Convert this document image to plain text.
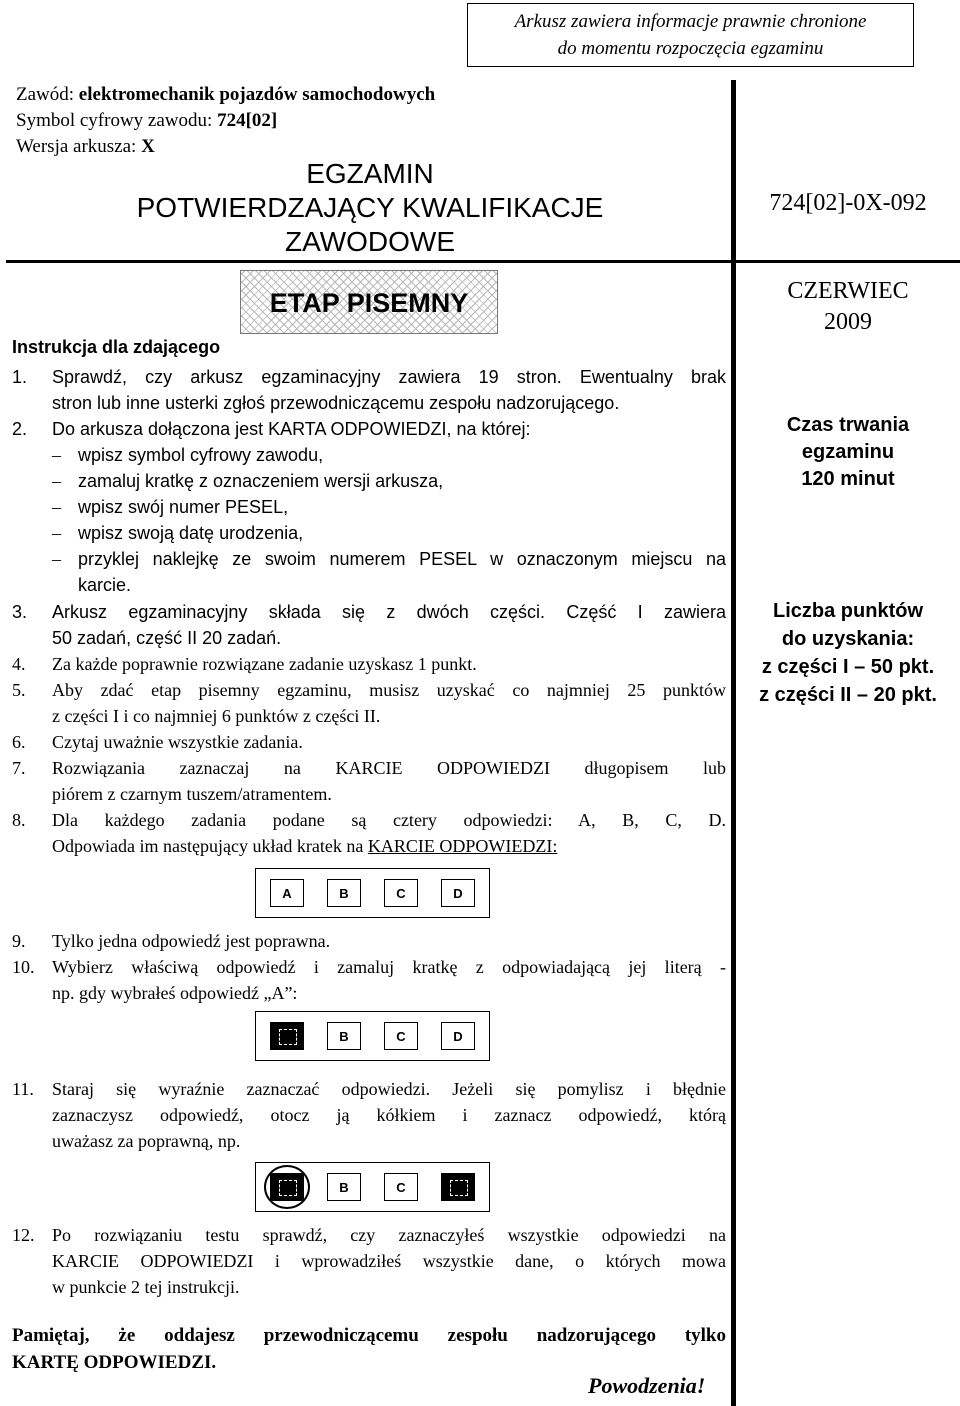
Arkusz zawiera informacje prawnie chronione
do momentu rozpoczęcia egzaminu
Zawód: elektromechanik pojazdów samochodowych
Symbol cyfrowy zawodu: 724[02]
Wersja arkusza: X
EGZAMIN
POTWIERDZAJĄCY KWALIFIKACJE
ZAWODOWE
ETAP PISEMNY
Instrukcja dla zdającego
1. Sprawdź, czy arkusz egzaminacyjny zawiera 19 stron. Ewentualny brak
stron lub inne usterki zgłoś przewodniczącemu zespołu nadzorującego.
2. Do arkusza dołączona jest KARTA ODPOWIEDZI, na której:
– wpisz symbol cyfrowy zawodu,
– zamaluj kratkę z oznaczeniem wersji arkusza,
– wpisz swój numer PESEL,
– wpisz swoją datę urodzenia,
– przyklej naklejkę ze swoim numerem PESEL w oznaczonym miejscu na
karcie.
3. Arkusz egzaminacyjny składa się z dwóch części. Część I zawiera
50 zadań, część II 20 zadań.
4. Za każde poprawnie rozwiązane zadanie uzyskasz 1 punkt.
5. Aby zdać etap pisemny egzaminu, musisz uzyskać co najmniej 25 punktów
z części I i co najmniej 6 punktów z części II.
6. Czytaj uważnie wszystkie zadania.
7. Rozwiązania zaznaczaj na KARCIE ODPOWIEDZI długopisem lub
piórem z czarnym tuszem/atramentem.
8. Dla każdego zadania podane są cztery odpowiedzi: A, B, C, D.
Odpowiada im następujący układ kratek na KARCIE ODPOWIEDZI:
A	B	C	D
9. Tylko jedna odpowiedź jest poprawna.
10. Wybierz właściwą odpowiedź i zamaluj kratkę z odpowiadającą jej literą -
np. gdy wybrałeś odpowiedź „A”:
A	B	C	D
11. Staraj się wyraźnie zaznaczać odpowiedzi. Jeżeli się pomylisz i błędnie
zaznaczysz odpowiedź, otocz ją kółkiem i zaznacz odpowiedź, którą
uważasz za poprawną, np.
A	B	C	D
12. Po rozwiązaniu testu sprawdź, czy zaznaczyłeś wszystkie odpowiedzi na
KARCIE ODPOWIEDZI i wprowadziłeś wszystkie dane, o których mowa
w punkcie 2 tej instrukcji.
Pamiętaj, że oddajesz przewodniczącemu zespołu nadzorującego tylko
KARTĘ ODPOWIEDZI.
Powodzenia!
724[02]-0X-092
CZERWIEC
2009
Czas trwania
egzaminu
120 minut
Liczba punktów
do uzyskania:
z części I – 50 pkt.
z części II – 20 pkt.
